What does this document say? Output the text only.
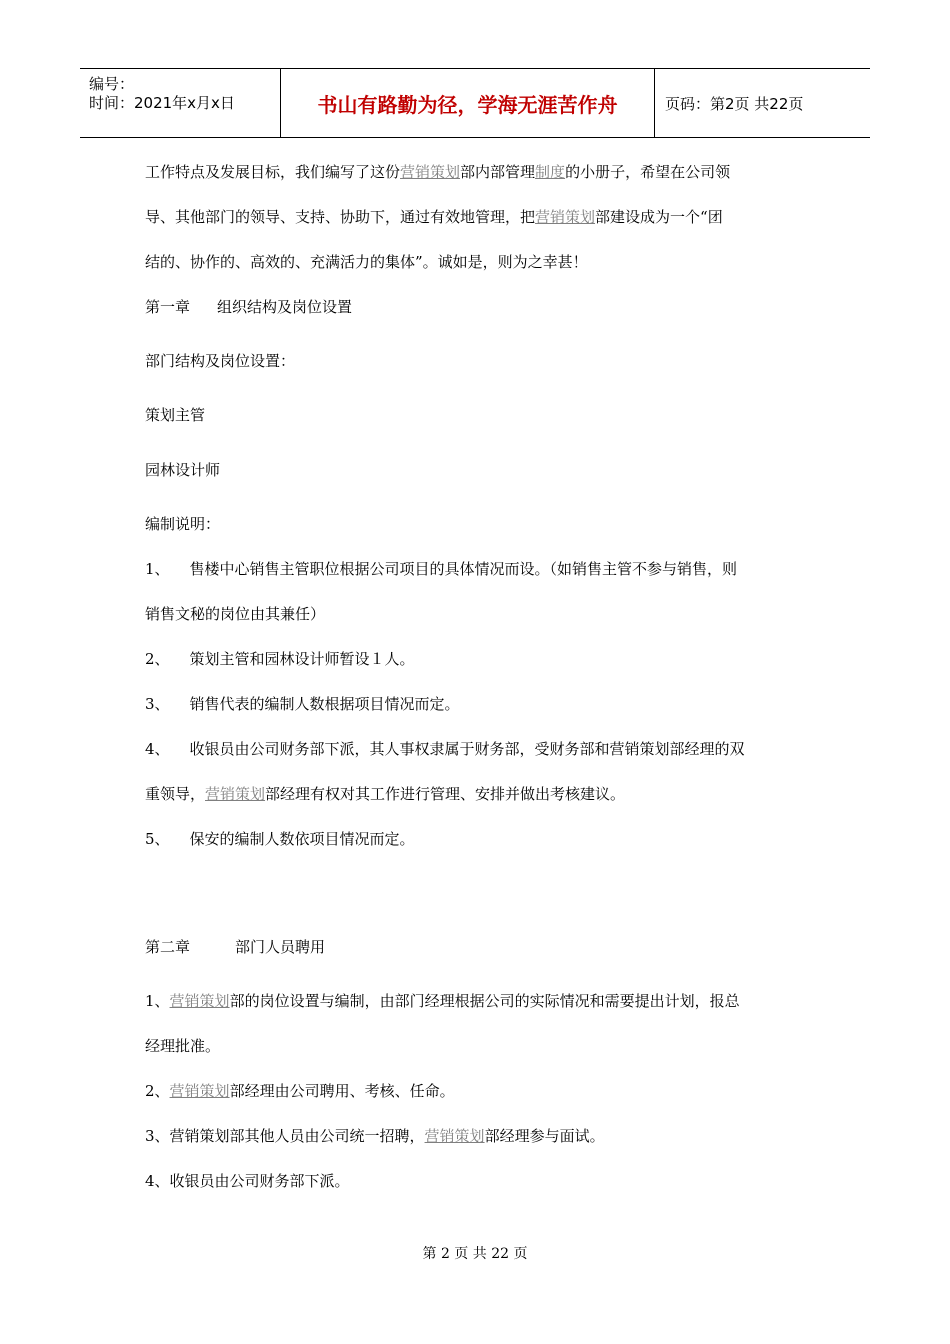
编号：
时间：2021年x月x日	书山有路勤为径，学海无涯苦作舟	页码：第2页 共22页
工作特点及发展目标，我们编写了这份营销策划部内部管理制度的小册子，希望在公司领
导、其他部门的领导、支持、协助下，通过有效地管理，把营销策划部建设成为一个“团
结的、协作的、高效的、充满活力的集体”。诚如是，则为之幸甚！
第一章 组织结构及岗位设置
部门结构及岗位设置：
策划主管
园林设计师
编制说明：
1、 售楼中心销售主管职位根据公司项目的具体情况而设。（如销售主管不参与销售，则
销售文秘的岗位由其兼任）
2、 策划主管和园林设计师暂设１人。
3、 销售代表的编制人数根据项目情况而定。
4、 收银员由公司财务部下派，其人事权隶属于财务部，受财务部和营销策划部经理的双
重领导，营销策划部经理有权对其工作进行管理、安排并做出考核建议。
5、 保安的编制人数依项目情况而定。
第二章	部门人员聘用
1、营销策划部的岗位设置与编制，由部门经理根据公司的实际情况和需要提出计划，报总
经理批准。
2、营销策划部经理由公司聘用、考核、任命。
3、营销策划部其他人员由公司统一招聘，营销策划部经理参与面试。
4、收银员由公司财务部下派。
第 2 页 共 22 页
